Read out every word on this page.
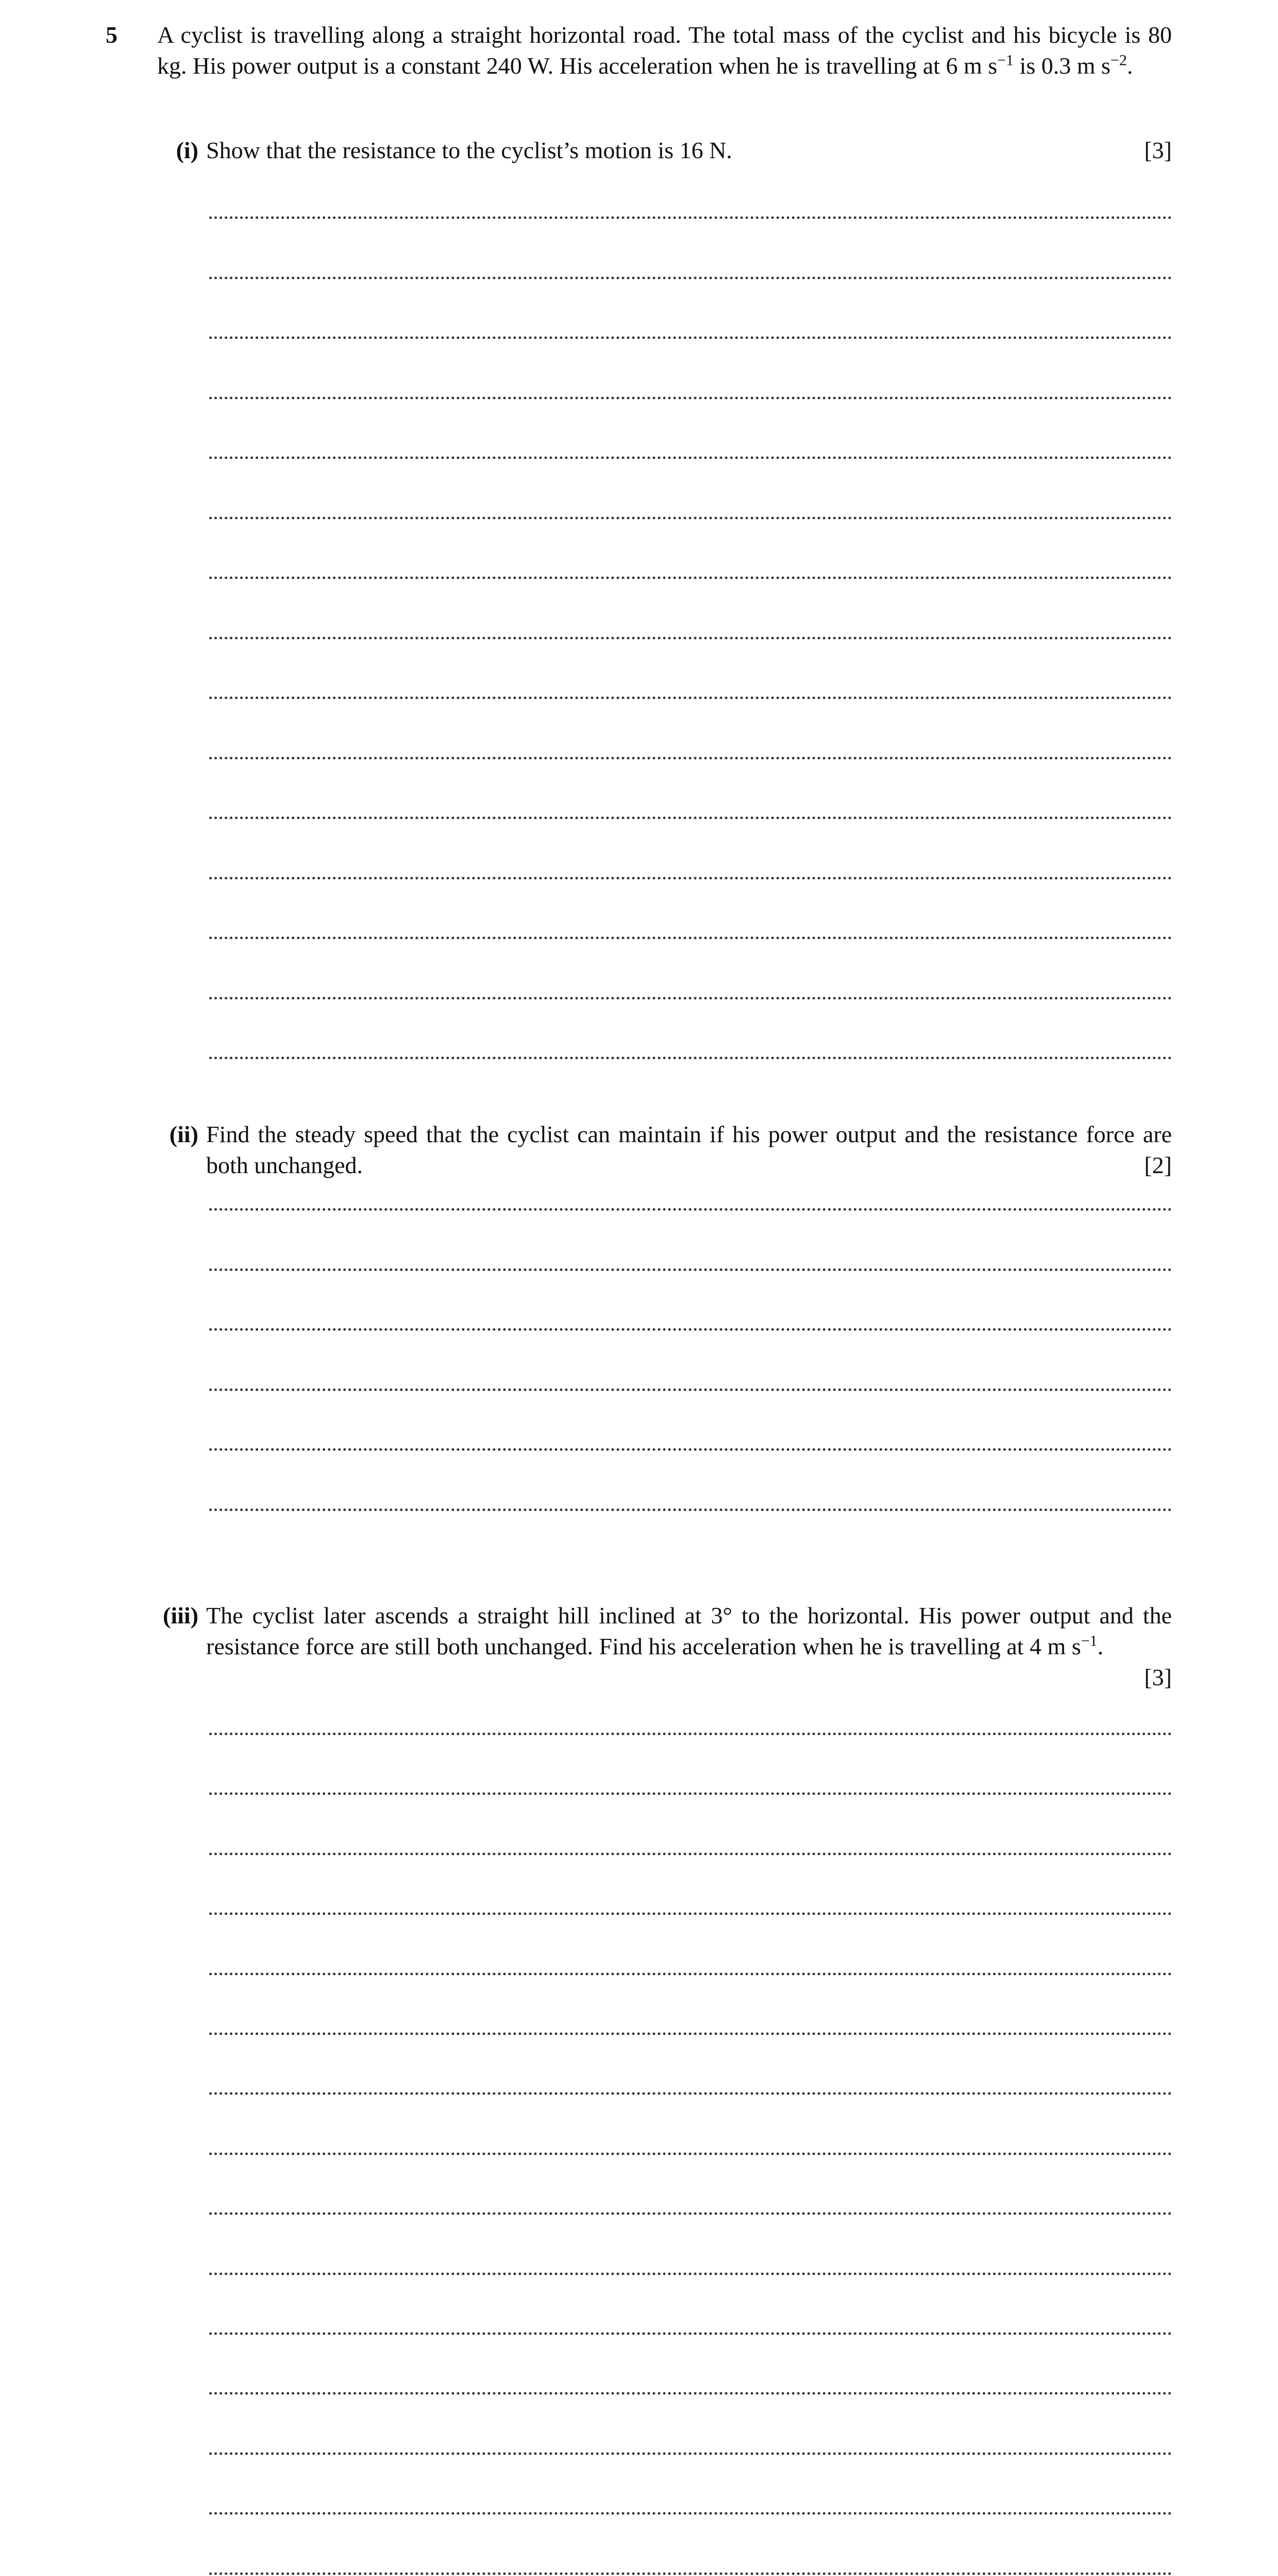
5 A cyclist is travelling along a straight horizontal road. The total mass of the cyclist and his bicycle is 80 kg. His power output is a constant 240 W. His acceleration when he is travelling at 6 m $s^{-1}$ is 0.3 m $s^{-2}$.
(i) Show that the resistance to the cyclist’s motion is 16 N.	[3]
(ii) Find the steady speed that the cyclist can maintain if his power output and the resistance force are both unchanged.	[2]
(iii) The cyclist later ascends a straight hill inclined at 3° to the horizontal. His power output and the resistance force are still both unchanged. Find his acceleration when he is travelling at 4 m $s^{-1}$.
[3]
